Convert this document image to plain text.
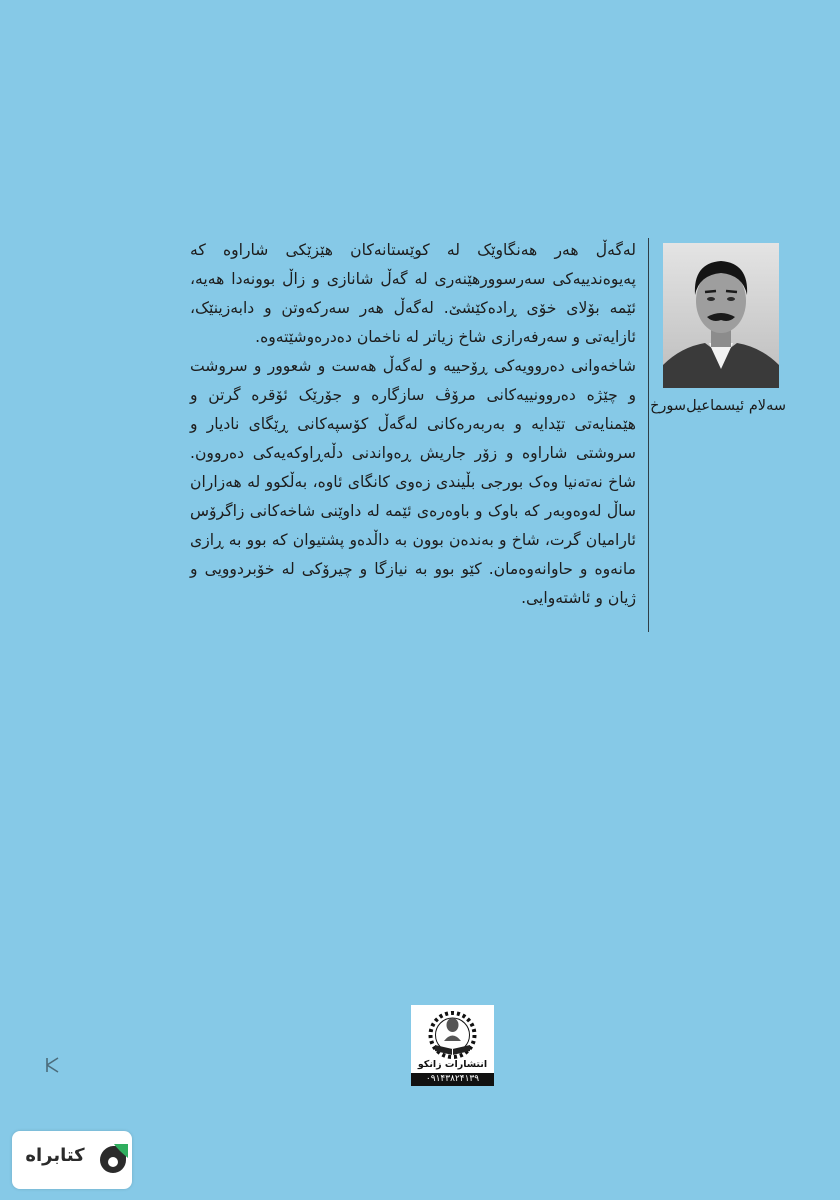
لەگەڵ هەر هەنگاوێک لە کوێستانەکان هێزێکی شاراوە کە پەیوەندییەکی سەرسوورهێنەری لە گەڵ شانازی و زاڵ بوونەدا هەیە، ئێمە بۆلای خۆی ڕادەکێشێ. لەگەڵ هەر سەرکەوتن و دابەزینێک، ئازایەتی و سەرفەرازی شاخ زیاتر لە ناخمان دەدرەوشێتەوە.

شاخەوانی دەروویەکی ڕۆحییە و لەگەڵ هەست و شعوور و سروشت و چێژە دەروونییەکانی مرۆڤ سازگارە و جۆرێک ئۆقرە گرتن و هێمنایەتی تێدایە و بەربەرەکانی لەگەڵ کۆسپەکانی ڕێگای نادیار و سروشتی شاراوە و زۆر جاریش ڕەواندنی دڵەڕاوکەیەکی دەروون. شاخ نەتەنیا وەک بورجی بڵیندی زەوی کانگای ئاوە، بەڵکوو لە هەزاران ساڵ لەوەوبەر کە باوک و باوەرەی ئێمە لە داوێنی شاخەکانی زاگرۆس ئارامیان گرت، شاخ و بەندەن بوون بە داڵدەو پشتیوان کە بوو بە ڕازی مانەوە و حاوانەوەمان. کێو بوو بە نیازگا و چیرۆکی لە خۆبردوویی و ژیان و ئاشتەوایی.

سەلام ئیسماعیل‌سورخ
انتشارات زانکو
۰۹۱۴۳۸۲۴۱۳۹
کتابراه
